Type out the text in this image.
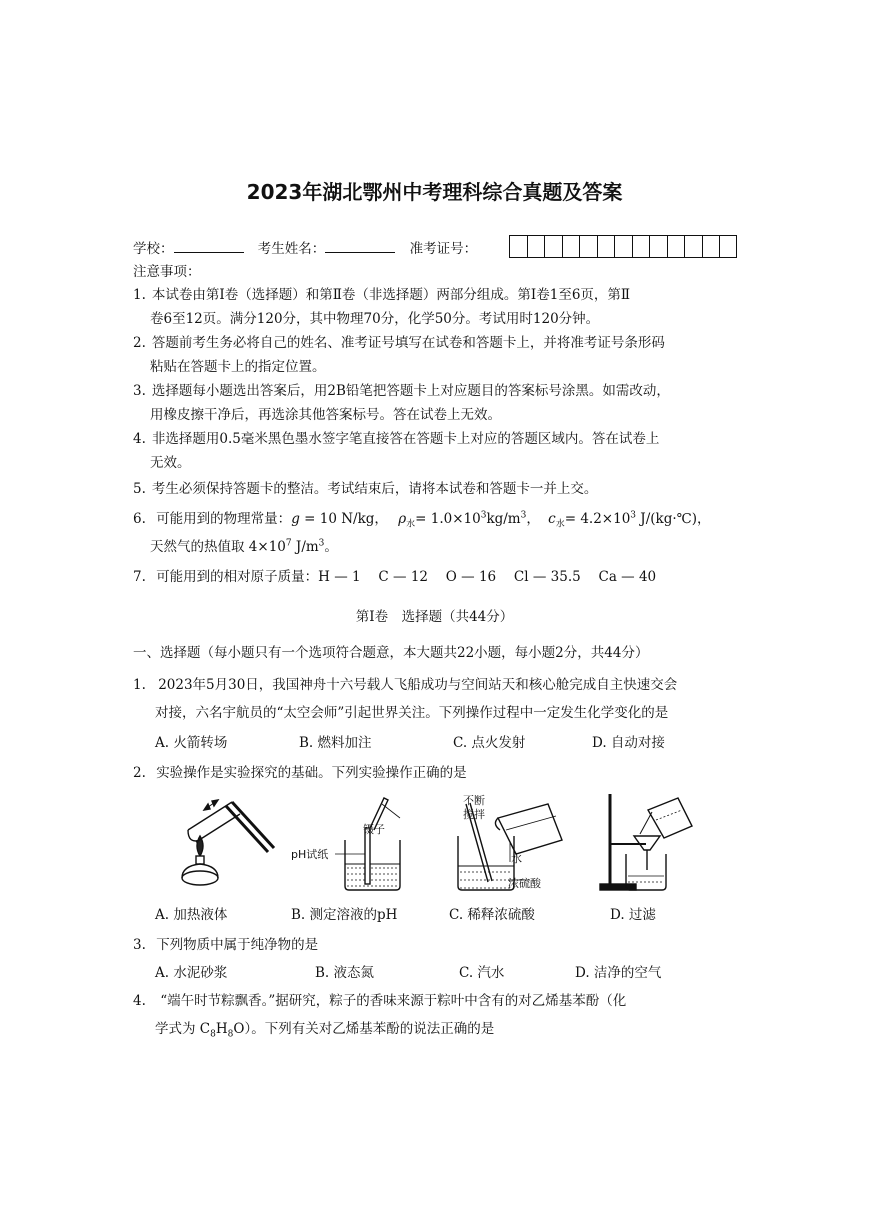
2023年湖北鄂州中考理科综合真题及答案
学校：	考生姓名：	准考证号：
注意事项：
1. 本试卷由第Ⅰ卷（选择题）和第Ⅱ卷（非选择题）两部分组成。第Ⅰ卷1至6页，第Ⅱ
卷6至12页。满分120分，其中物理70分，化学50分。考试用时120分钟。
2. 答题前考生务必将自己的姓名、准考证号填写在试卷和答题卡上，并将准考证号条形码
粘贴在答题卡上的指定位置。
3. 选择题每小题选出答案后，用2B铅笔把答题卡上对应题目的答案标号涂黑。如需改动，
用橡皮擦干净后，再选涂其他答案标号。答在试卷上无效。
4. 非选择题用0.5毫米黑色墨水签字笔直接答在答题卡上对应的答题区域内。答在试卷上
无效。
5. 考生必须保持答题卡的整洁。考试结束后，请将本试卷和答题卡一并上交。
6. 可能用到的物理常量：g = 10 N/kg， $\rho_水= 1.0\times 10^3kg/m^3$， $c_水= 4.2\times 10^3$ J/(kg·℃)，
天然气的热值取 $4\times 10^7$ $J/m^3$。
7. 可能用到的相对原子质量：H — 1　 C — 12　 O — 16　 Cl — 35.5　 Ca — 40
第Ⅰ卷　选择题（共44分）
一、选择题（每小题只有一个选项符合题意，本大题共22小题，每小题2分，共44分）
1. 2023年5月30日，我国神舟十六号载人飞船成功与空间站天和核心舱完成自主快速交会
对接，六名宇航员的“太空会师”引起世界关注。下列操作过程中一定发生化学变化的是
A. 火箭转场	B. 燃料加注	C. 点火发射	D. 自动对接
2. 实验操作是实验探究的基础。下列实验操作正确的是
镊子
pH试纸
不断
搅拌
水
浓硫酸
A. 加热液体	B. 测定溶液的pH	C. 稀释浓硫酸	D. 过滤
3. 下列物质中属于纯净物的是
A. 水泥砂浆	B. 液态氮	C. 汽水	D. 洁净的空气
4. “端午时节粽飘香。”据研究，粽子的香味来源于粽叶中含有的对乙烯基苯酚（化
学式为 $C_8H_8O$）。下列有关对乙烯基苯酚的说法正确的是
